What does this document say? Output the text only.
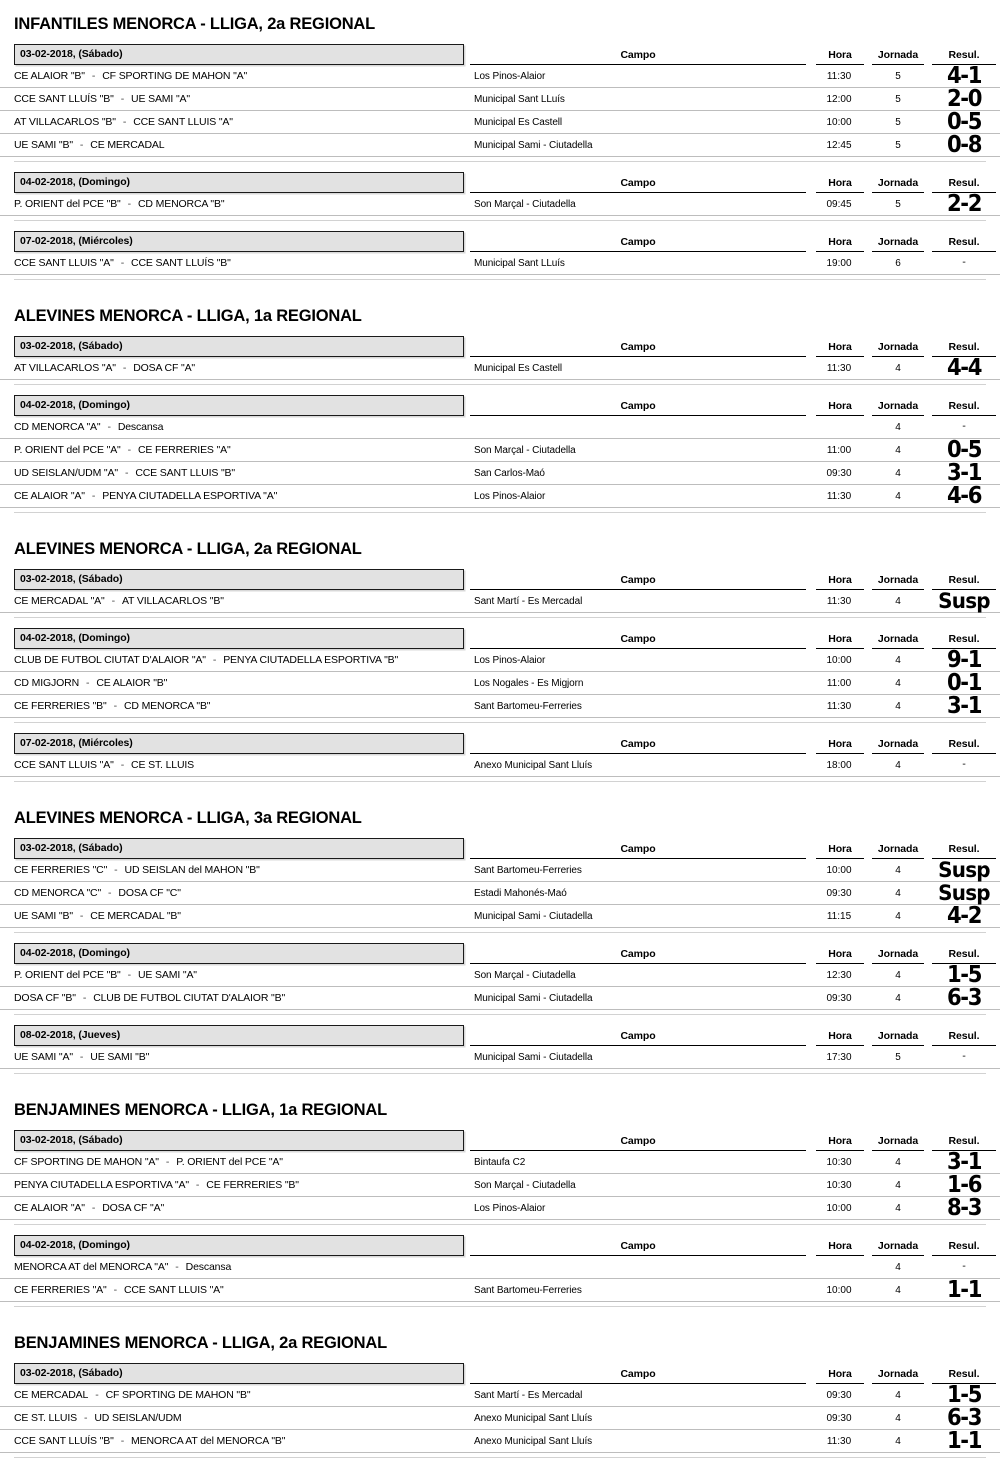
INFANTILES MENORCA - LLIGA, 2a REGIONAL
03-02-2018, (Sábado)	Campo	Hora	Jornada	Resul.

CE ALAIOR "B" - CF SPORTING DE MAHON "A"	Los Pinos-Alaior	11:30	5	4-1

CCE SANT LLUÍS "B" - UE SAMI "A"	Municipal Sant LLuís	12:00	5	2-0

AT VILLACARLOS "B" - CCE SANT LLUIS "A"	Municipal Es Castell	10:00	5	0-5

UE SAMI "B" - CE MERCADAL	Municipal Sami - Ciutadella	12:45	5	0-8
04-02-2018, (Domingo)	Campo	Hora	Jornada	Resul.

P. ORIENT del PCE "B" - CD MENORCA "B"	Son Marçal - Ciutadella	09:45	5	2-2
07-02-2018, (Miércoles)	Campo	Hora	Jornada	Resul.

CCE SANT LLUIS "A" - CCE SANT LLUÍS "B"	Municipal Sant LLuís	19:00	6	-
ALEVINES MENORCA - LLIGA, 1a REGIONAL
03-02-2018, (Sábado)	Campo	Hora	Jornada	Resul.

AT VILLACARLOS "A" - DOSA CF "A"	Municipal Es Castell	11:30	4	4-4
04-02-2018, (Domingo)	Campo	Hora	Jornada	Resul.

CD MENORCA "A" - Descansa			4	-

P. ORIENT del PCE "A" - CE FERRERIES "A"	Son Marçal - Ciutadella	11:00	4	0-5

UD SEISLAN/UDM "A" - CCE SANT LLUIS "B"	San Carlos-Maó	09:30	4	3-1

CE ALAIOR "A" - PENYA CIUTADELLA ESPORTIVA "A"	Los Pinos-Alaior	11:30	4	4-6
ALEVINES MENORCA - LLIGA, 2a REGIONAL
03-02-2018, (Sábado)	Campo	Hora	Jornada	Resul.

CE MERCADAL "A" - AT VILLACARLOS "B"	Sant Martí - Es Mercadal	11:30	4	Susp
04-02-2018, (Domingo)	Campo	Hora	Jornada	Resul.

CLUB DE FUTBOL CIUTAT D'ALAIOR "A" - PENYA CIUTADELLA ESPORTIVA "B"	Los Pinos-Alaior	10:00	4	9-1

CD MIGJORN - CE ALAIOR "B"	Los Nogales - Es Migjorn	11:00	4	0-1

CE FERRERIES "B" - CD MENORCA "B"	Sant Bartomeu-Ferreries	11:30	4	3-1
07-02-2018, (Miércoles)	Campo	Hora	Jornada	Resul.

CCE SANT LLUIS "A" - CE ST. LLUIS	Anexo Municipal Sant Lluís	18:00	4	-
ALEVINES MENORCA - LLIGA, 3a REGIONAL
03-02-2018, (Sábado)	Campo	Hora	Jornada	Resul.

CE FERRERIES "C" - UD SEISLAN del MAHON "B"	Sant Bartomeu-Ferreries	10:00	4	Susp

CD MENORCA "C" - DOSA CF "C"	Estadi Mahonés-Maó	09:30	4	Susp

UE SAMI "B" - CE MERCADAL "B"	Municipal Sami - Ciutadella	11:15	4	4-2
04-02-2018, (Domingo)	Campo	Hora	Jornada	Resul.

P. ORIENT del PCE "B" - UE SAMI "A"	Son Marçal - Ciutadella	12:30	4	1-5

DOSA CF "B" - CLUB DE FUTBOL CIUTAT D'ALAIOR "B"	Municipal Sami - Ciutadella	09:30	4	6-3
08-02-2018, (Jueves)	Campo	Hora	Jornada	Resul.

UE SAMI "A" - UE SAMI "B"	Municipal Sami - Ciutadella	17:30	5	-
BENJAMINES MENORCA - LLIGA, 1a REGIONAL
03-02-2018, (Sábado)	Campo	Hora	Jornada	Resul.

CF SPORTING DE MAHON "A" - P. ORIENT del PCE "A"	Bintaufa C2	10:30	4	3-1

PENYA CIUTADELLA ESPORTIVA "A" - CE FERRERIES "B"	Son Marçal - Ciutadella	10:30	4	1-6

CE ALAIOR "A" - DOSA CF "A"	Los Pinos-Alaior	10:00	4	8-3
04-02-2018, (Domingo)	Campo	Hora	Jornada	Resul.

MENORCA AT del MENORCA "A" - Descansa			4	-

CE FERRERIES "A" - CCE SANT LLUIS "A"	Sant Bartomeu-Ferreries	10:00	4	1-1
BENJAMINES MENORCA - LLIGA, 2a REGIONAL
03-02-2018, (Sábado)	Campo	Hora	Jornada	Resul.

CE MERCADAL - CF SPORTING DE MAHON "B"	Sant Martí - Es Mercadal	09:30	4	1-5

CE ST. LLUIS - UD SEISLAN/UDM	Anexo Municipal Sant Lluís	09:30	4	6-3

CCE SANT LLUÍS "B" - MENORCA AT del MENORCA "B"	Anexo Municipal Sant Lluís	11:30	4	1-1
